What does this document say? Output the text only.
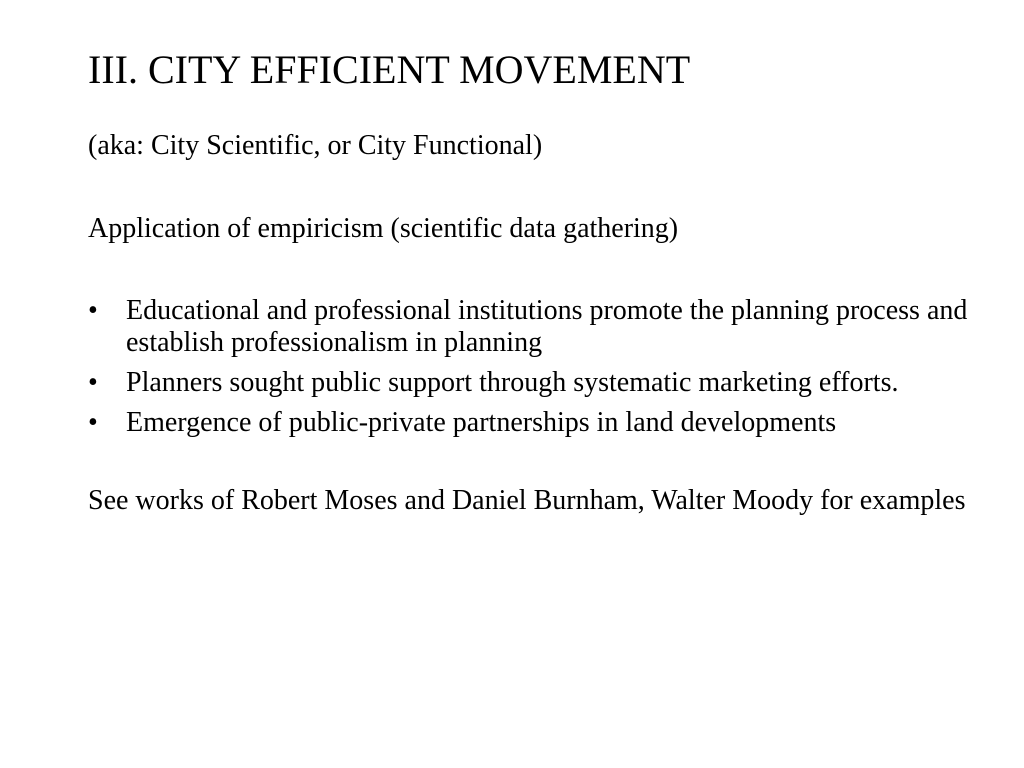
III. CITY EFFICIENT MOVEMENT

(aka: City Scientific, or City Functional)

Application of empiricism (scientific data gathering)

•	Educational and professional institutions promote the planning process and establish professionalism in planning
•	Planners sought public support through systematic marketing efforts.
•	Emergence of public-private partnerships in land developments

See works of Robert Moses and Daniel Burnham, Walter Moody for examples
